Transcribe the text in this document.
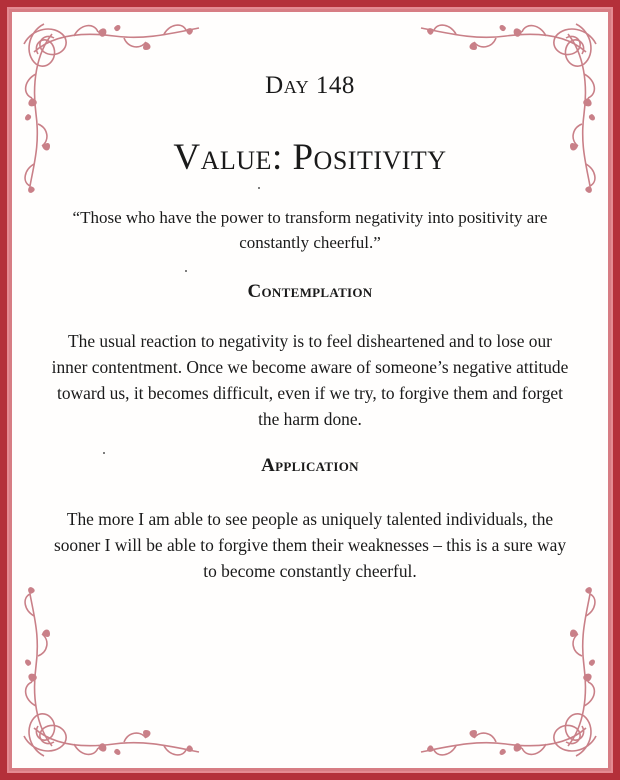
Day 148
Value: Positivity
“Those who have the power to transform negativity into positivity are constantly cheerful.”
Contemplation
The usual reaction to negativity is to feel disheartened and to lose our inner contentment. Once we become aware of someone’s negative attitude toward us, it becomes difficult, even if we try, to forgive them and forget the harm done.
Application
The more I am able to see people as uniquely talented individuals, the sooner I will be able to forgive them their weaknesses – this is a sure way to become constantly cheerful.
